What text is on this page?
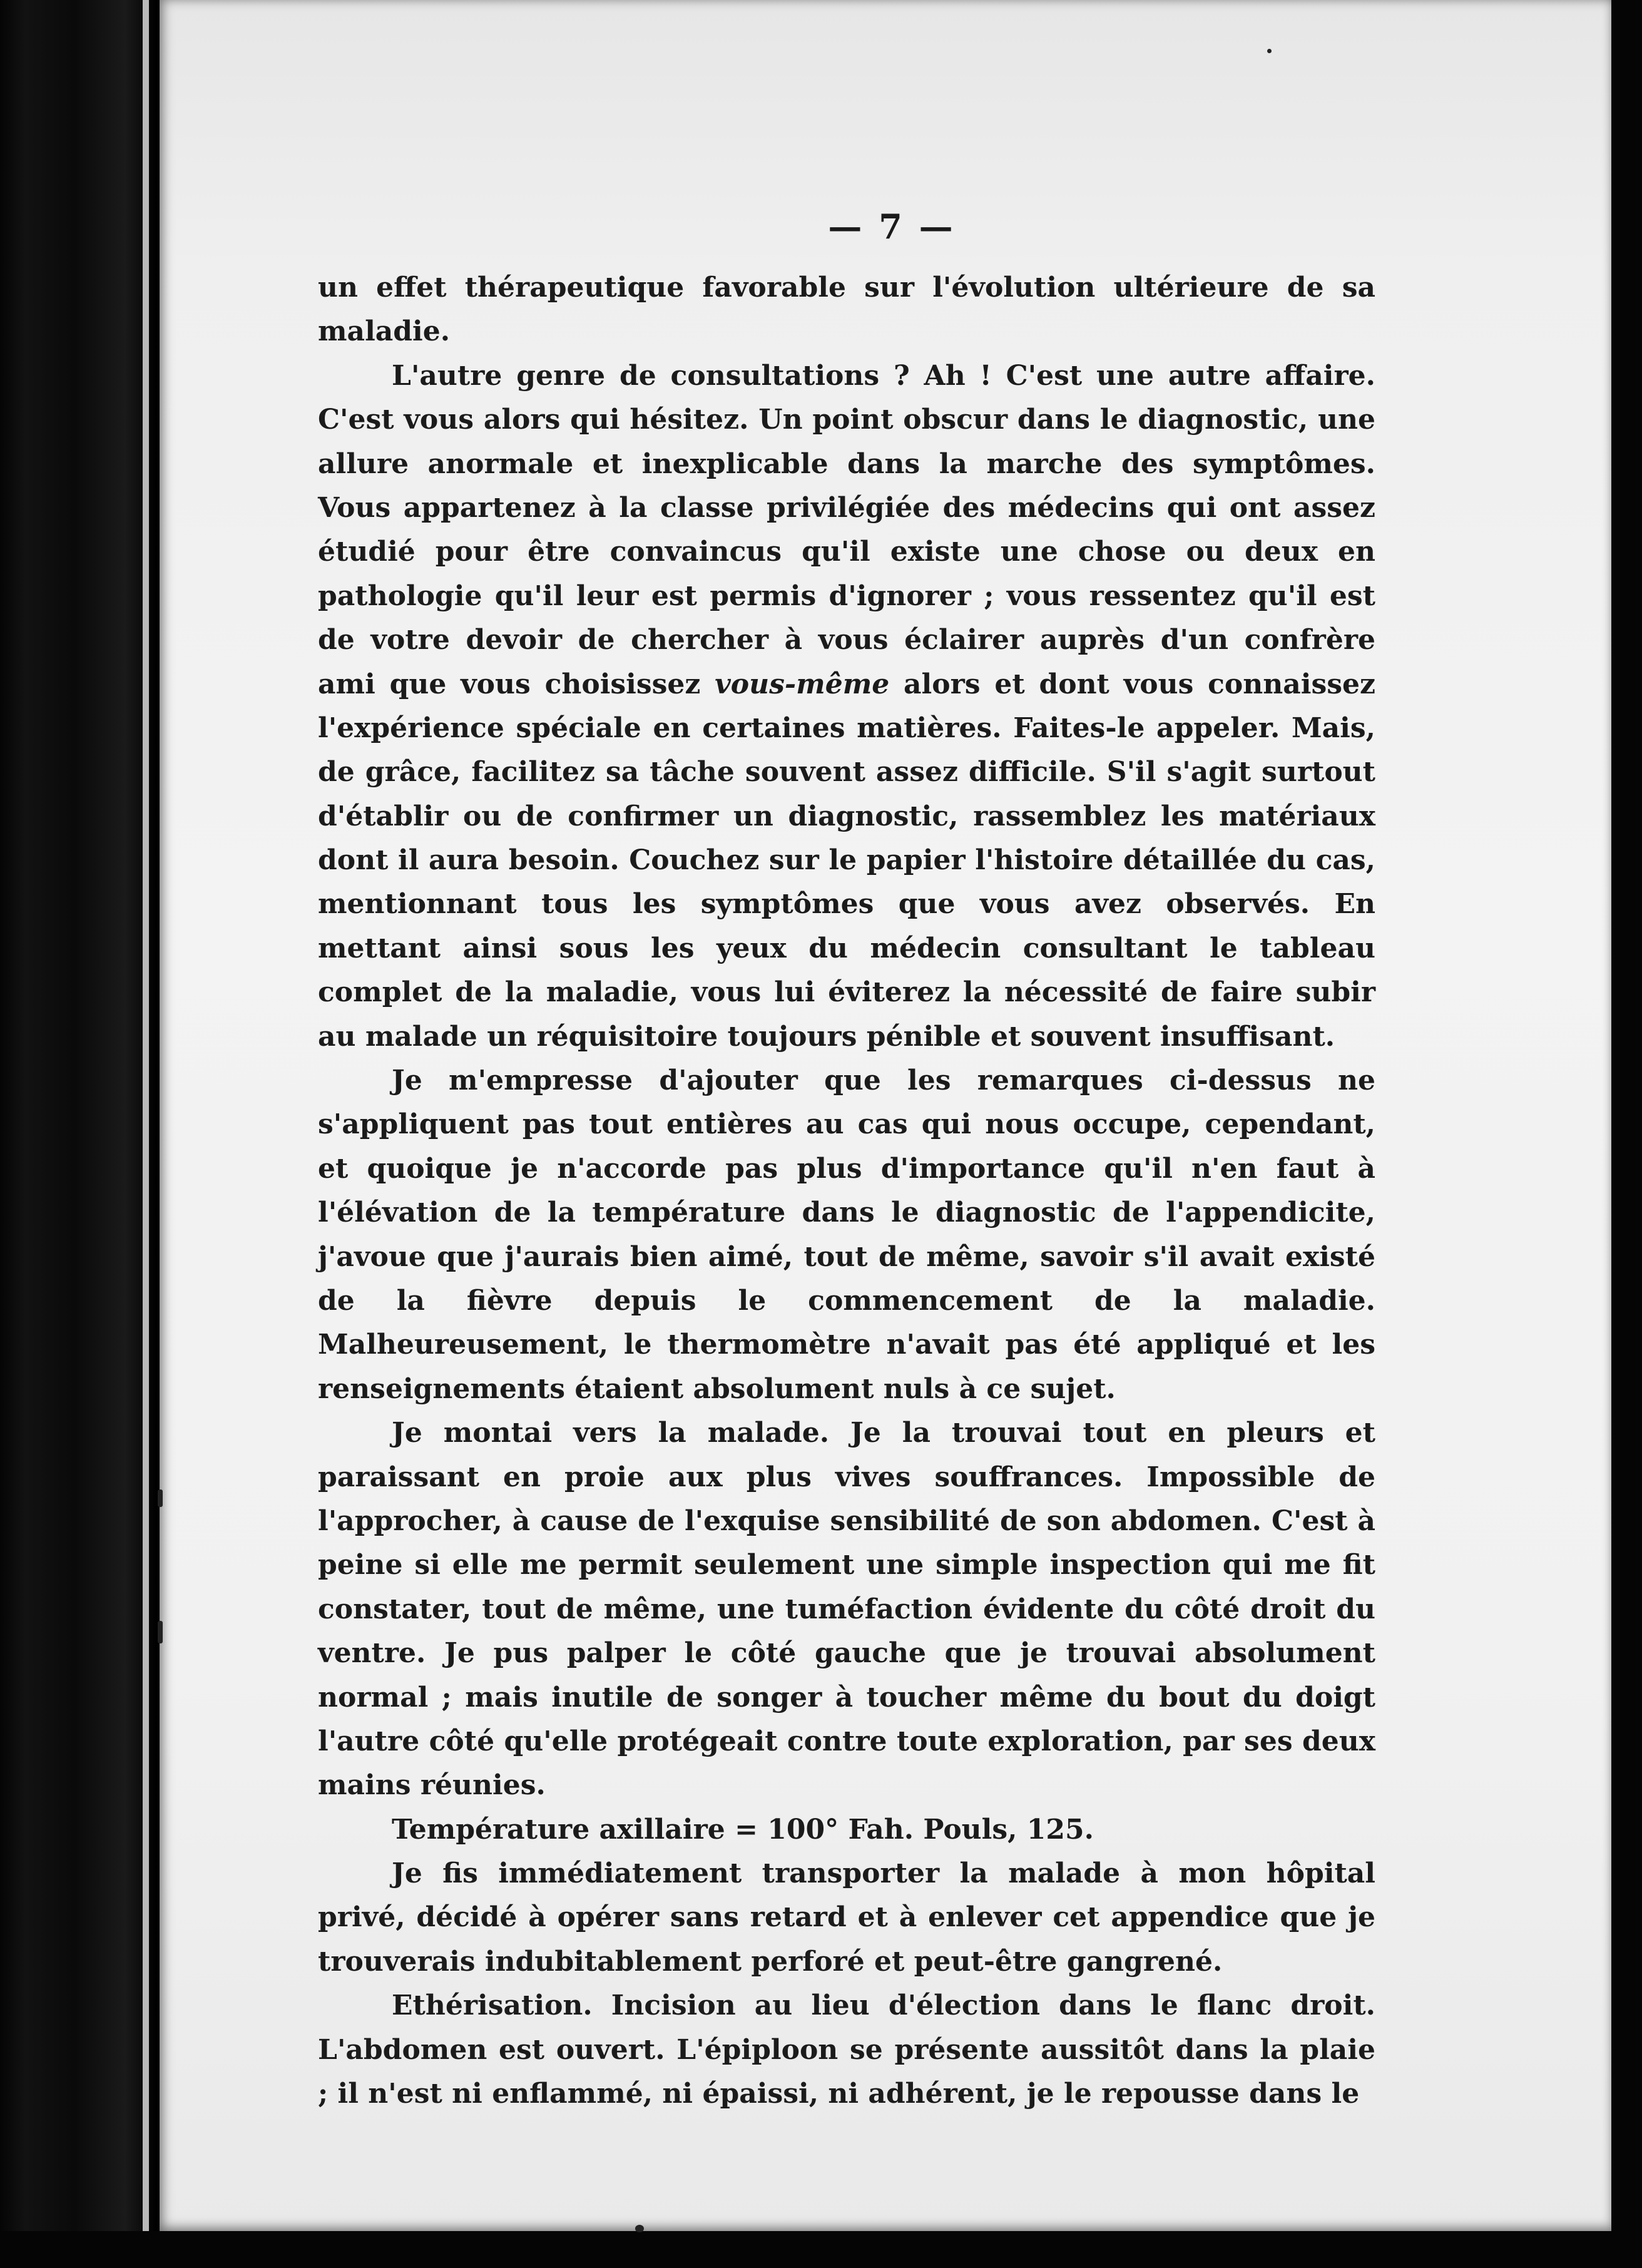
— 7 —

un effet thérapeutique favorable sur l'évolution ultérieure de sa maladie.

L'autre genre de consultations ? Ah ! C'est une autre affaire. C'est vous alors qui hésitez. Un point obscur dans le diagnostic, une allure anormale et inexplicable dans la marche des symptômes. Vous appartenez à la classe privilégiée des médecins qui ont assez étudié pour être convaincus qu'il existe une chose ou deux en pathologie qu'il leur est permis d'ignorer ; vous ressentez qu'il est de votre devoir de chercher à vous éclairer auprès d'un confrère ami que vous choisissez vous-même alors et dont vous connaissez l'expérience spéciale en certaines matières. Faites-le appeler. Mais, de grâce, facilitez sa tâche souvent assez difficile. S'il s'agit surtout d'établir ou de confirmer un diagnostic, rassemblez les matériaux dont il aura besoin. Couchez sur le papier l'histoire détaillée du cas, mentionnant tous les symptômes que vous avez observés. En mettant ainsi sous les yeux du médecin consultant le tableau complet de la maladie, vous lui éviterez la nécessité de faire subir au malade un réquisitoire toujours pénible et souvent insuffisant.

Je m'empresse d'ajouter que les remarques ci-dessus ne s'appliquent pas tout entières au cas qui nous occupe, cependant, et quoique je n'accorde pas plus d'importance qu'il n'en faut à l'élévation de la température dans le diagnostic de l'appendicite, j'avoue que j'aurais bien aimé, tout de même, savoir s'il avait existé de la fièvre depuis le commencement de la maladie. Malheureusement, le thermomètre n'avait pas été appliqué et les renseignements étaient absolument nuls à ce sujet.

Je montai vers la malade. Je la trouvai tout en pleurs et paraissant en proie aux plus vives souffrances. Impossible de l'approcher, à cause de l'exquise sensibilité de son abdomen. C'est à peine si elle me permit seulement une simple inspection qui me fit constater, tout de même, une tuméfaction évidente du côté droit du ventre. Je pus palper le côté gauche que je trouvai absolument normal ; mais inutile de songer à toucher même du bout du doigt l'autre côté qu'elle protégeait contre toute exploration, par ses deux mains réunies.

Température axillaire = 100° Fah. Pouls, 125.

Je fis immédiatement transporter la malade à mon hôpital privé, décidé à opérer sans retard et à enlever cet appendice que je trouverais indubitablement perforé et peut-être gangrené.

Ethérisation. Incision au lieu d'élection dans le flanc droit. L'abdomen est ouvert. L'épiploon se présente aussitôt dans la plaie ; il n'est ni enflammé, ni épaissi, ni adhérent, je le repousse dans le
